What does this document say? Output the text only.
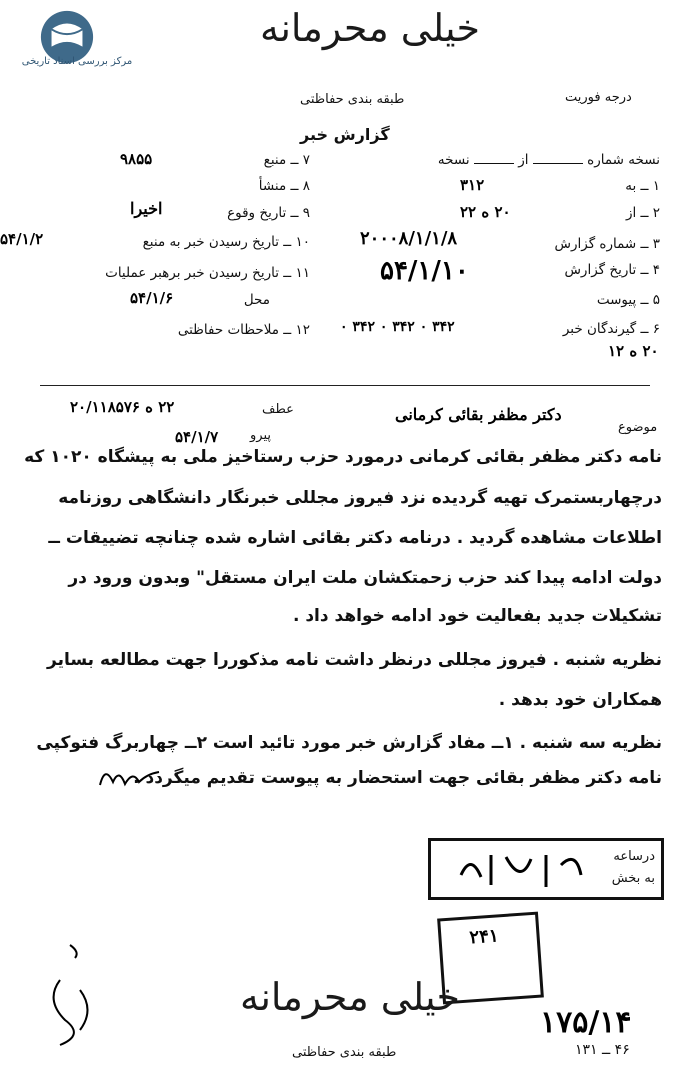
مرکز بررسی اسناد تاریخی
خیلی محرمانه
طبقه بندی حفاظتی	درجه فوریت
گزارش خبر
۷ ــ منبع
۹۸۵۵
۸ ــ منشأ
۹ ــ تاریخ وقوع
اخیرا
۱۰ ــ تاریخ رسیدن خبر به منبع
۵۴/۱/۲
۱۱ ــ تاریخ رسیدن خبر برهبر عملیات
محل
۵۴/۱/۶
۱۲ ــ ملاحظات حفاظتی
نسخه شماره  از  نسخه
۱ ــ به
۳۱۲
۲ ــ از
۲۰ ه ۲۲
۳ ــ شماره گزارش
۲۰۰۰۸/۱/۱/۸
۴ ــ تاریخ گزارش
۵۴/۱/۱۰
۵ ــ پیوست
۶ ــ گیرندگان خبر
۳۴۲ ۰ ۳۴۲ ۰ ۳۴۲ ۰
۲۰ ه ۱۲
موضوع
دکتر مظفر بقائی کرمانی
عطف
۲۲ ه ۲۰/۱۱۸۵۷۶
پیرو
۵۴/۱/۷
نامه دکتر مظفر بقائی کرمانی درمورد حزب رستاخیز ملی به پیشگاه ۱۰۲۰ که
درچهاربستمرک تهیه گردیده نزد فیروز مجللی خبرنگار دانشگاهی روزنامه
اطلاعات مشاهده گردید . درنامه دکتر بقائی اشاره شده چنانچه تضییقات ــ
دولت ادامه پیدا کند حزب زحمتکشان ملت ایران مستقل" وبدون ورود در
تشکیلات جدید بفعالیت خود ادامه خواهد داد .
نظریه شنبه . فیروز مجللی درنظر داشت نامه مذکوررا جهت مطالعه بسایر
همکاران خود بدهد .
نظریه سه شنبه . ۱ــ مفاد گزارش خبر مورد تائید است ۲ــ چهاربرگ فتوکپی
نامه دکتر مظفر بقائی جهت استحضار به پیوست تقدیم میگردد .
درساعه
به بخش
۲۴۱
خیلی محرمانه
۱۷۵/۱۴
طبقه بندی حفاظتی	۴۶ ــ ۱۳۱
